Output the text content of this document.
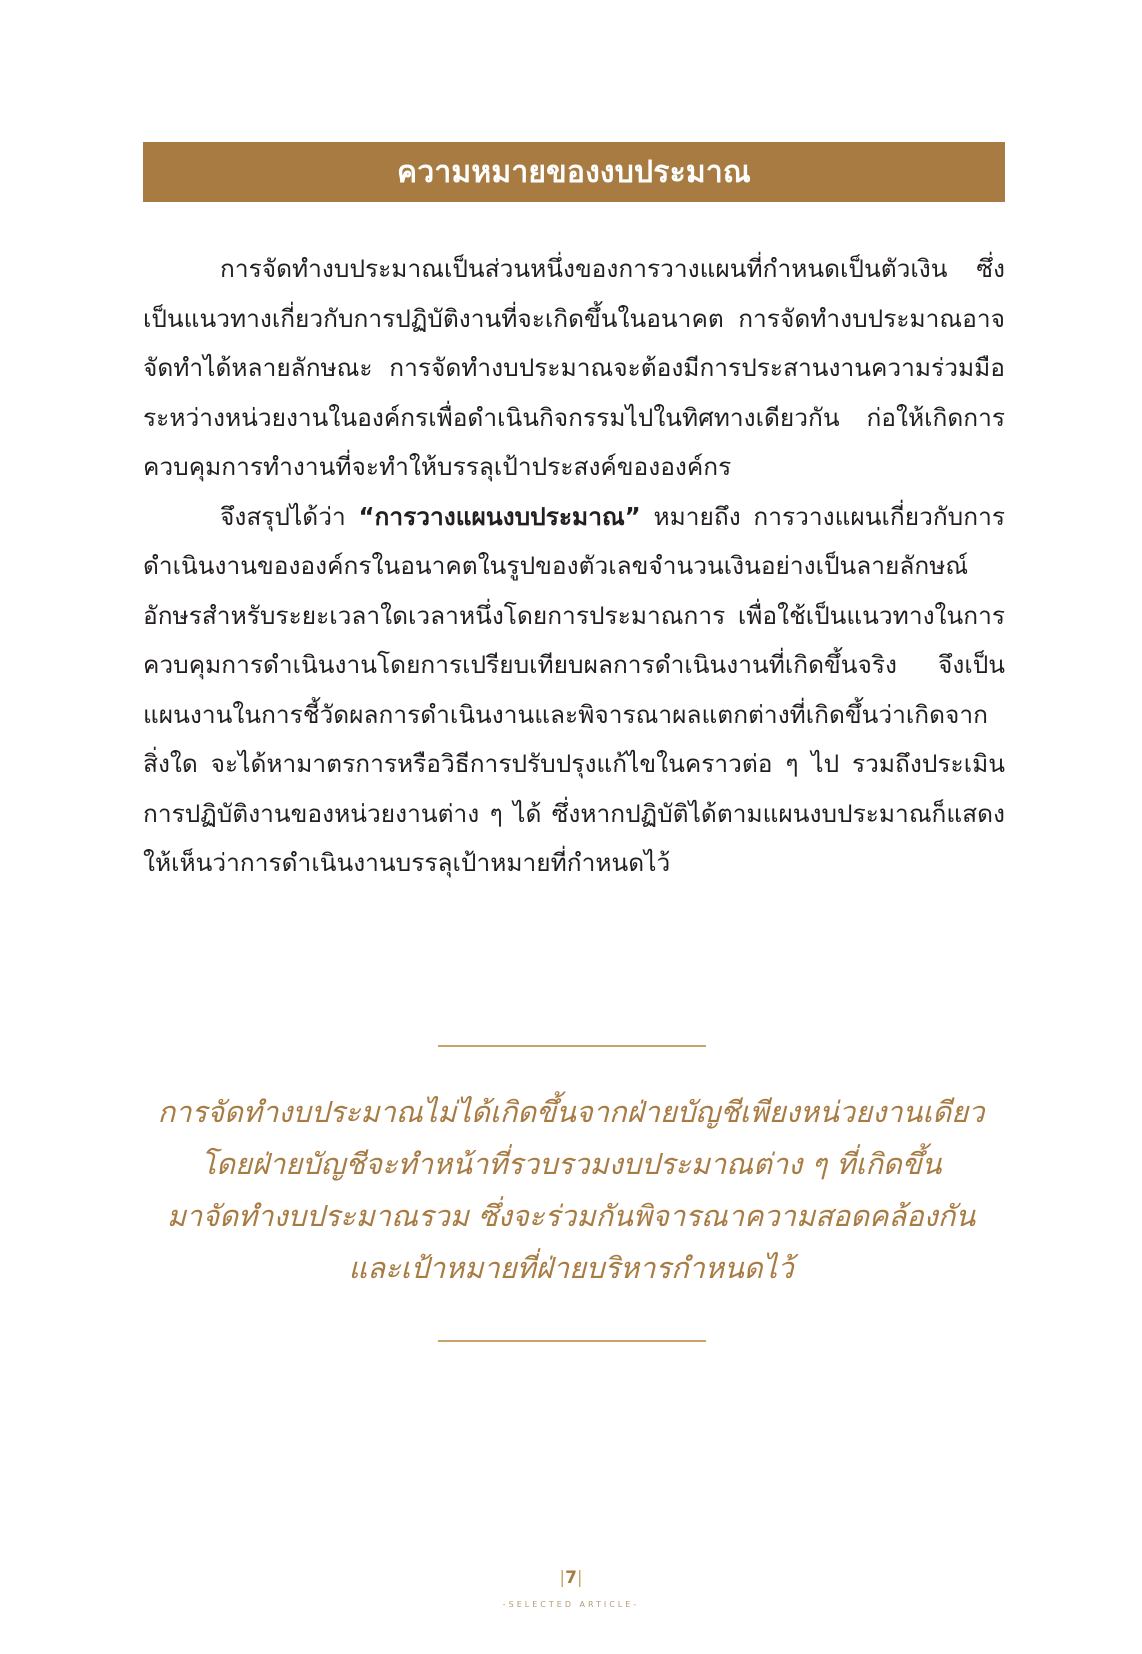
ความหมายของงบประมาณ

การจัดทำงบประมาณเป็นส่วนหนึ่งของการวางแผนที่กำหนดเป็นตัวเงิน ซึ่งเป็นแนวทางเกี่ยวกับการปฏิบัติงานที่จะเกิดขึ้นในอนาคต การจัดทำงบประมาณอาจจัดทำได้หลายลักษณะ การจัดทำงบประมาณจะต้องมีการประสานงานความร่วมมือระหว่างหน่วยงานในองค์กรเพื่อดำเนินกิจกรรมไปในทิศทางเดียวกัน ก่อให้เกิดการควบคุมการทำงานที่จะทำให้บรรลุเป้าประสงค์ขององค์กร

จึงสรุปได้ว่า “การวางแผนงบประมาณ” หมายถึง การวางแผนเกี่ยวกับการดำเนินงานขององค์กรในอนาคตในรูปของตัวเลขจำนวนเงินอย่างเป็นลายลักษณ์อักษรสำหรับระยะเวลาใดเวลาหนึ่งโดยการประมาณการ เพื่อใช้เป็นแนวทางในการควบคุมการดำเนินงานโดยการเปรียบเทียบผลการดำเนินงานที่เกิดขึ้นจริง จึงเป็นแผนงานในการชี้วัดผลการดำเนินงานและพิจารณาผลแตกต่างที่เกิดขึ้นว่าเกิดจากสิ่งใด จะได้หามาตรการหรือวิธีการปรับปรุงแก้ไขในคราวต่อ ๆ ไป รวมถึงประเมินการปฏิบัติงานของหน่วยงานต่าง ๆ ได้ ซึ่งหากปฏิบัติได้ตามแผนงบประมาณก็แสดงให้เห็นว่าการดำเนินงานบรรลุเป้าหมายที่กำหนดไว้

การจัดทำงบประมาณไม่ได้เกิดขึ้นจากฝ่ายบัญชีเพียงหน่วยงานเดียว
โดยฝ่ายบัญชีจะทำหน้าที่รวบรวมงบประมาณต่าง ๆ ที่เกิดขึ้น
มาจัดทำงบประมาณรวม ซึ่งจะร่วมกันพิจารณาความสอดคล้องกัน
และเป้าหมายที่ฝ่ายบริหารกำหนดไว้
|7|
-SELECTED ARTICLE-
